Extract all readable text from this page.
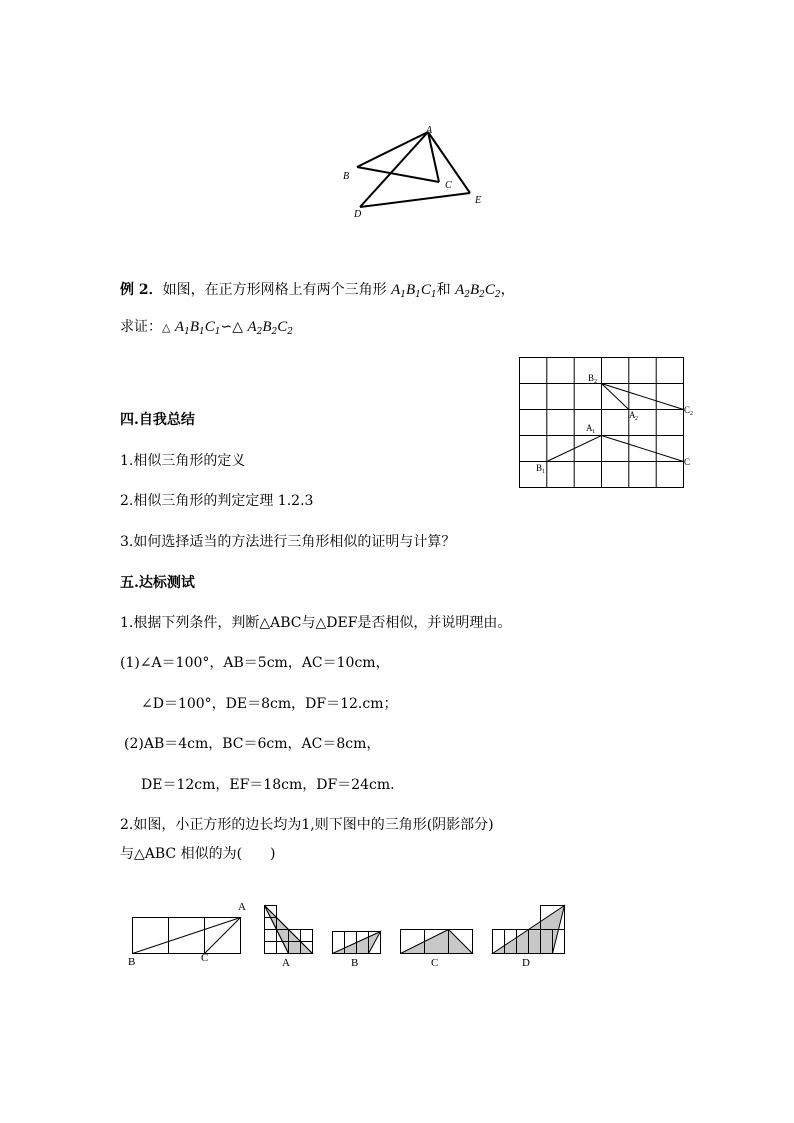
A
B
C
D
E
例 2．如图，在正方形网格上有两个三角形 $A_1B_1C_1$和 $A_2B_2C_2$，
求证：△ $A_1B_1C_1∽\triangle$ $A_2B_2C_2$
B 2
A 2
C 2
A 1
B 1
C
四.自我总结
1.相似三角形的定义
2.相似三角形的判定定理 1.2.3
3.如何选择适当的方法进行三角形相似的证明与计算？
五.达标测试
1.根据下列条件，判断△ABC与△DEF是否相似，并说明理由。
(1)∠A＝100°，AB＝5cm，AC＝10cm，
∠D＝100°，DE＝8cm，DF＝12.cm；
(2)AB＝4cm，BC＝6cm，AC＝8cm，
DE＝12cm，EF＝18cm，DF＝24cm.
2.如图，小正方形的边长均为1,则下图中的三角形(阴影部分)
与△ABC 相似的为(　　)
A
B	C	A	B	C	D
